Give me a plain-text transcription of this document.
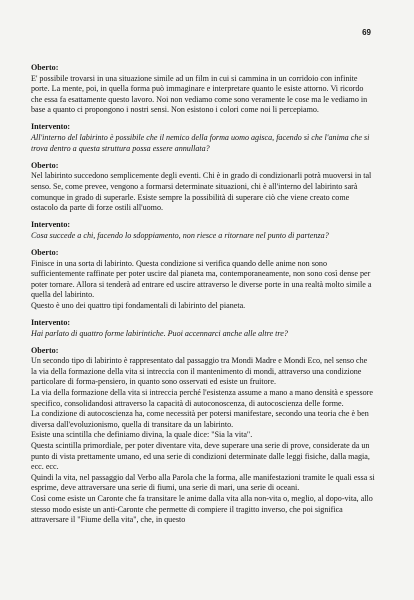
69
Oberto:

E' possibile trovarsi in una situazione simile ad un film in cui si cammina in un corridoio con infinite porte. La mente, poi, in quella forma può immaginare e interpretare quanto le esiste attorno. Vi ricordo che essa fa esattamente questo lavoro. Noi non vediamo come sono veramente le cose ma le vediamo in base a quanto ci propongono i nostri sensi. Non esistono i colori come noi li percepiamo.

Intervento:

All'interno del labirinto è possibile che il nemico della forma uomo agisca, facendo sì che l'anima che si trova dentro a questa struttura possa essere annullata?

Oberto:

Nel labirinto succedono semplicemente degli eventi. Chi è in grado di condizionarli potrà muoversi in tal senso. Se, come prevee, vengono a formarsi determinate situazioni, chi è all'interno del labirinto sarà comunque in grado di superarle. Esiste sempre la possibilità di superare ciò che viene creato come ostacolo da parte di forze ostili all'uomo.

Intervento:

Cosa succede a chi, facendo lo sdoppiamento, non riesce a ritornare nel punto di partenza?

Oberto:

Finisce in una sorta di labirinto. Questa condizione si verifica quando delle anime non sono sufficientemente raffinate per poter uscire dal pianeta ma, contemporaneamente, non sono così dense per poter tornare. Allora si tenderà ad entrare ed uscire attraverso le diverse porte in una realtà molto simile a quella del labirinto.

Questo è uno dei quattro tipi fondamentali di labirinto del pianeta.

Intervento:

Hai parlato di quattro forme labirintiche. Puoi accennarci anche alle altre tre?

Oberto:

Un secondo tipo di labirinto è rappresentato dal passaggio tra Mondi Madre e Mondi Eco, nel senso che la via della formazione della vita si intreccia con il mantenimento di mondi, attraverso una condizione particolare di forma-pensiero, in quanto sono osservati ed esiste un fruitore.

La via della formazione della vita si intreccia perché l'esistenza assume a mano a mano densità e spessore specifico, consolidandosi attraverso la capacità di autoconoscenza, di autocoscienza delle forme.

La condizione di autocoscienza ha, come necessità per potersi manifestare, secondo una teoria che è ben diversa dall'evoluzionismo, quella di transitare da un labirinto.

Esiste una scintilla che definiamo divina, la quale dice: "Sia la vita".

Questa scintilla primordiale, per poter diventare vita, deve superare una serie di prove, considerate da un punto di vista prettamente umano, ed una serie di condizioni determinate dalle leggi fisiche, dalla magia, ecc. ecc.

Quindi la vita, nel passaggio dal Verbo alla Parola che la forma, alle manifestazioni tramite le quali essa si esprime, deve attraversare una serie di fiumi, una serie di mari, una serie di oceani.

Così come esiste un Caronte che fa transitare le anime dalla vita alla non-vita o, meglio, al dopo-vita, allo stesso modo esiste un anti-Caronte che permette di compiere il tragitto inverso, che poi significa attraversare il "Fiume della vita", che, in questo
